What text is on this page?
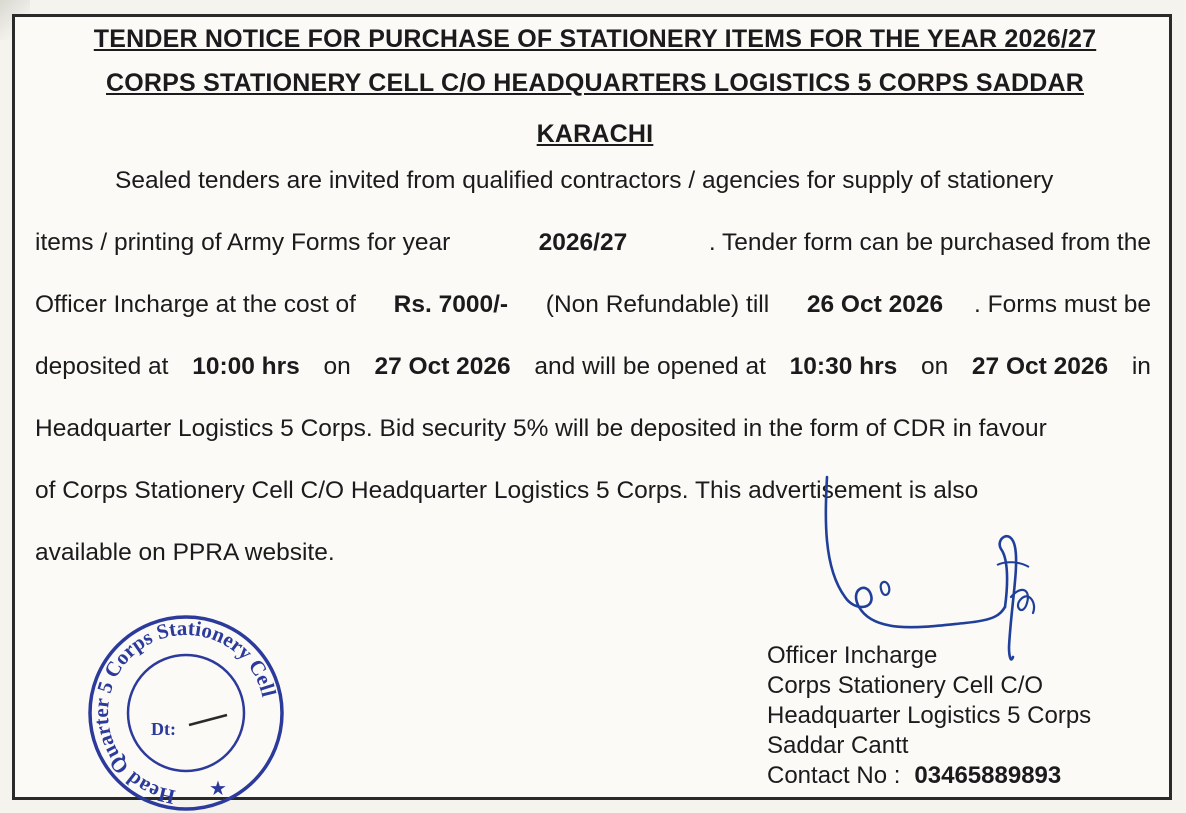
TENDER NOTICE FOR PURCHASE OF STATIONERY ITEMS FOR THE YEAR 2026/27
CORPS STATIONERY CELL C/O HEADQUARTERS LOGISTICS 5 CORPS SADDAR
KARACHI
Sealed tenders are invited from qualified contractors / agencies for supply of stationery
items / printing of Army Forms for year	2026/27	. Tender form can be purchased from the
Officer Incharge at the cost of Rs. 7000/- (Non Refundable) till 26 Oct 2026 . Forms must be
deposited at 10:00 hrs on 27 Oct 2026 and will be opened at 10:30 hrs on 27 Oct 2026 in
Headquarter Logistics 5 Corps. Bid security 5% will be deposited in the form of CDR in favour
of Corps Stationery Cell C/O Headquarter Logistics 5 Corps. This advertisement is also
available on PPRA website.
Head Quarter 5 Corps Stationery Cell
Dt:
★
Officer Incharge
Corps Stationery Cell C/O
Headquarter Logistics 5 Corps
Saddar Cantt
Contact No : 03465889893
